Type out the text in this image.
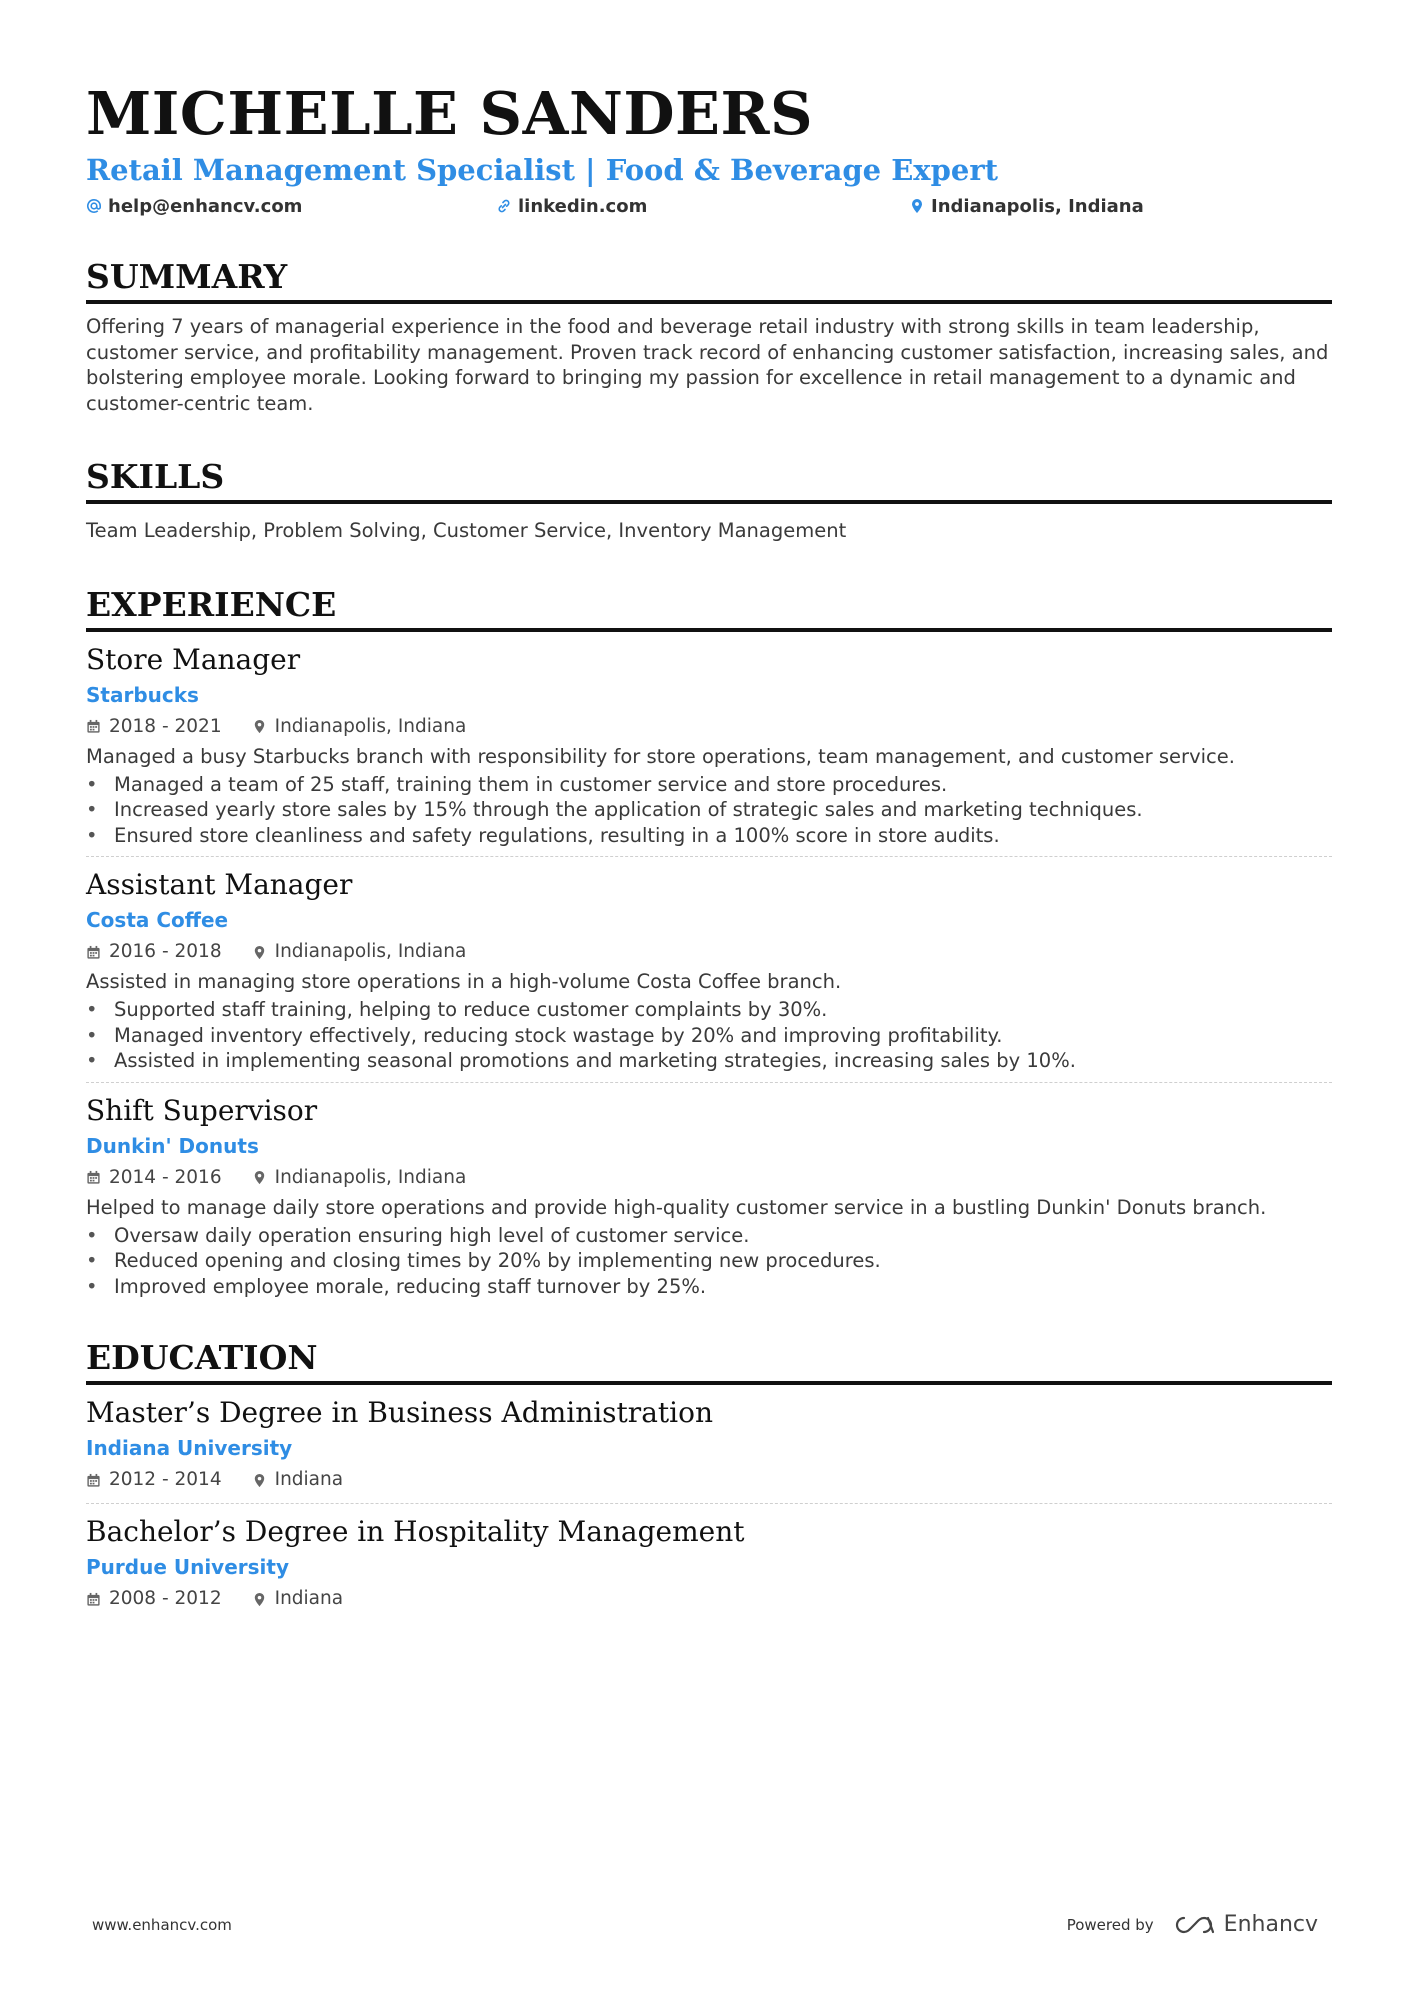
MICHELLE SANDERS

Retail Management Specialist | Food & Beverage Expert

help@enhancv.com	linkedin.com	Indianapolis, Indiana
SUMMARY

Offering 7 years of managerial experience in the food and beverage retail industry with strong skills in team leadership, customer service, and profitability management. Proven track record of enhancing customer satisfaction, increasing sales, and bolstering employee morale. Looking forward to bringing my passion for excellence in retail management to a dynamic and customer-centric team.

SKILLS

Team Leadership, Problem Solving, Customer Service, Inventory Management

EXPERIENCE

Store Manager

Starbucks

2018 - 2021	Indianapolis, Indiana

Managed a busy Starbucks branch with responsibility for store operations, team management, and customer service.

• Managed a team of 25 staff, training them in customer service and store procedures.
• Increased yearly store sales by 15% through the application of strategic sales and marketing techniques.
• Ensured store cleanliness and safety regulations, resulting in a 100% score in store audits.

Assistant Manager

Costa Coffee

2016 - 2018	Indianapolis, Indiana

Assisted in managing store operations in a high-volume Costa Coffee branch.

• Supported staff training, helping to reduce customer complaints by 30%.
• Managed inventory effectively, reducing stock wastage by 20% and improving profitability.
• Assisted in implementing seasonal promotions and marketing strategies, increasing sales by 10%.

Shift Supervisor

Dunkin' Donuts

2014 - 2016	Indianapolis, Indiana

Helped to manage daily store operations and provide high-quality customer service in a bustling Dunkin' Donuts branch.

• Oversaw daily operation ensuring high level of customer service.
• Reduced opening and closing times by 20% by implementing new procedures.
• Improved employee morale, reducing staff turnover by 25%.
EDUCATION

Master’s Degree in Business Administration

Indiana University

2012 - 2014	Indiana

Bachelor’s Degree in Hospitality Management

Purdue University

2008 - 2012	Indiana
www.enhancv.com	Powered by	Enhancv
